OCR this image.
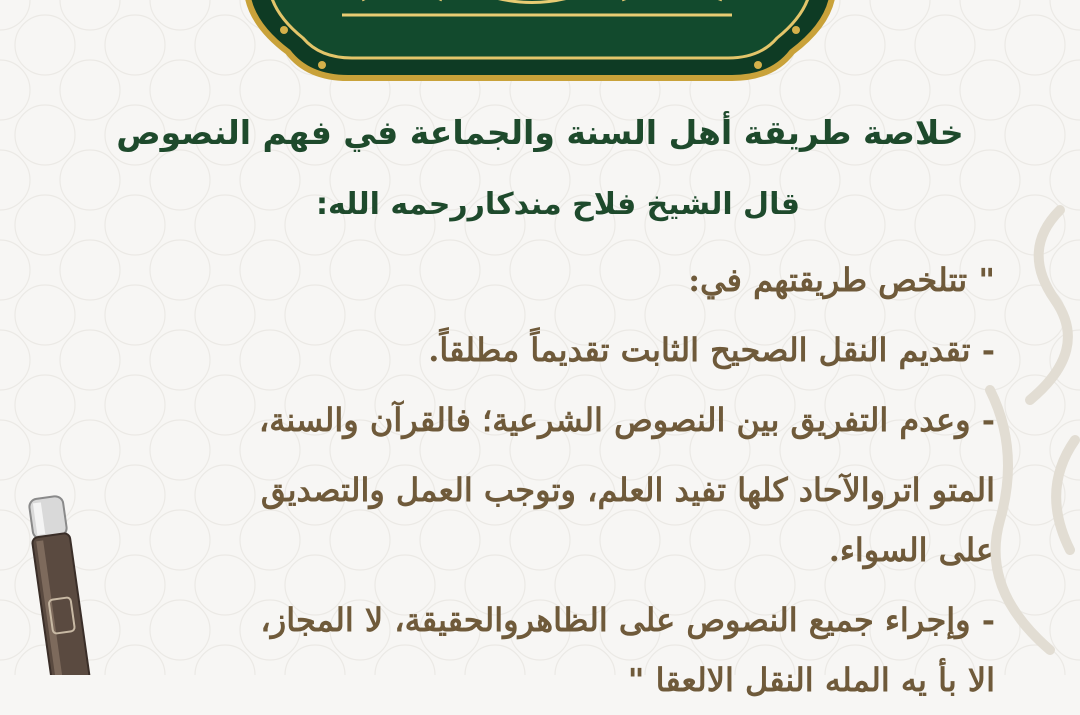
خلاصة طريقة أهل السنة والجماعة في فهم النصوص
قال الشيخ فلاح مندكاررحمه الله:
" تتلخص طريقتهم في:
- تقديم النقل الصحيح الثابت تقديماً مطلقاً.
- وعدم التفريق بين النصوص الشرعية؛ فالقرآن والسنة،
المتو اتروالآحاد كلها تفيد العلم، وتوجب العمل والتصديق
على السواء.
- وإجراء جميع النصوص على الظاهروالحقيقة، لا المجاز،
الا بأ يه المله النقل الالعقا "
